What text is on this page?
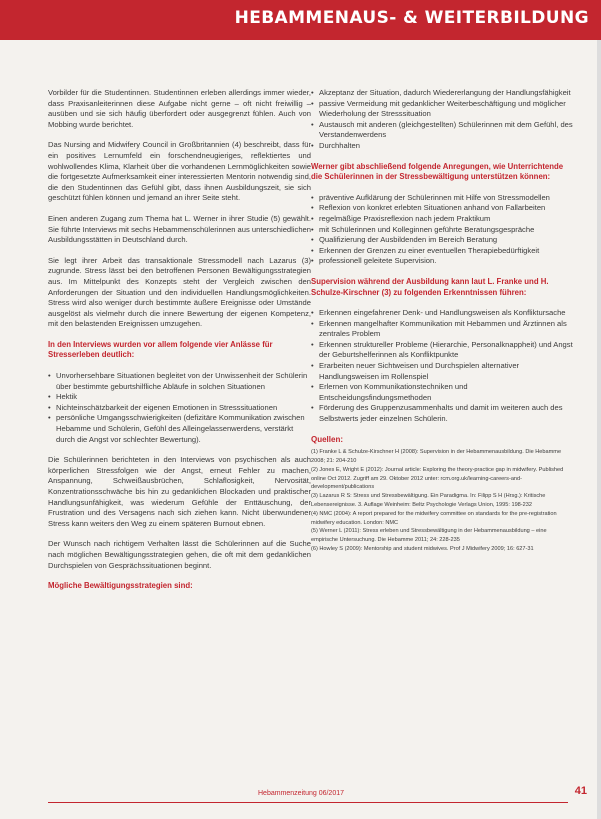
HEBAMMENAUS- & WEITERBILDUNG

Vorbilder für die Studentinnen. Studentinnen erleben allerdings immer wieder, dass Praxisanleiterinnen diese Aufgabe nicht gerne – oft nicht freiwillig – ausüben und sie sich häufig überfordert oder ausgegrenzt fühlen. Auch von Mobbing wurde berichtet.

Das Nursing and Midwifery Council in Großbritannien (4) beschreibt, dass für ein positives Lernumfeld ein forschendneugieriges, reflektiertes und wohlwollendes Klima, Klarheit über die vorhandenen Lernmöglichkeiten sowie die fortgesetzte Aufmerksamkeit einer interessierten Mentorin notwendig sind, die den Studentinnen das Gefühl gibt, dass ihnen Ausbildungszeit, sie sich geschützt fühlen können und jemand an ihrer Seite steht.

Einen anderen Zugang zum Thema hat L. Werner in ihrer Studie (5) gewählt. Sie führte Interviews mit sechs Hebammenschülerinnen aus unterschiedlichen Ausbildungsstätten in Deutschland durch.

Sie legt ihrer Arbeit das transaktionale Stressmodell nach Lazarus (3) zugrunde. Stress lässt bei den betroffenen Personen Bewältigungsstrategien aus. Im Mittelpunkt des Konzepts steht der Vergleich zwischen den Anforderungen der Situation und den individuellen Handlungsmöglichkeiten. Stress wird also weniger durch bestimmte äußere Ereignisse oder Umstände ausgelöst als vielmehr durch die innere Bewertung der eigenen Kompetenz, mit den belastenden Ereignissen umzugehen.

In den Interviews wurden vor allem folgende vier Anlässe für Stresserleben deutlich:
• Unvorhersehbare Situationen begleitet von der Unwissenheit der Schülerin über bestimmte geburtshilfliche Abläufe in solchen Situationen
• Hektik
• Nichteinschätzbarkeit der eigenen Emotionen in Stresssituationen
• persönliche Umgangsschwierigkeiten (defizitäre Kommunikation zwischen Hebamme und Schülerin, Gefühl des Alleingelassenwerdens, verstärkt durch die Angst vor schlechter Bewertung).

Die Schülerinnen berichteten in den Interviews von psychischen als auch körperlichen Stressfolgen wie der Angst, erneut Fehler zu machen, Anspannung, Schweißausbrüchen, Schlaflosigkeit, Nervosität, Konzentrationsschwäche bis hin zu gedanklichen Blockaden und praktischer Handlungsunfähigkeit, was wiederum Gefühle der Enttäuschung, der Frustration und des Versagens nach sich ziehen kann. Nicht überwundener Stress kann weiters den Weg zu einem späteren Burnout ebnen.

Der Wunsch nach richtigem Verhalten lässt die Schülerinnen auf die Suche nach möglichen Bewältigungsstrategien gehen, die oft mit dem gedanklichen Durchspielen von Gesprächssituationen beginnt.

Mögliche Bewältigungsstrategien sind:
• Akzeptanz der Situation, dadurch Wiedererlangung der Handlungsfähigkeit
• passive Vermeidung mit gedanklicher Weiterbeschäftigung und möglicher Wiederholung der Stresssituation
• Austausch mit anderen (gleichgestellten) Schülerinnen mit dem Gefühl, des Verstandenwerdens
• Durchhalten
Werner gibt abschließend folgende Anregungen, wie Unterrichtende die Schülerinnen in der Stressbewältigung unterstützen können:
• präventive Aufklärung der Schülerinnen mit Hilfe von Stressmodellen
• Reflexion von konkret erlebten Situationen anhand von Fallarbeiten
• regelmäßige Praxisreflexion nach jedem Praktikum
• mit Schülerinnen und Kolleginnen geführte Beratungsgespräche
• Qualifizierung der Ausbildenden im Bereich Beratung
• Erkennen der Grenzen zu einer eventuellen Therapiebedürftigkeit
• professionell geleitete Supervision.
Supervision während der Ausbildung kann laut L. Franke und H. Schulze-Kirschner (3) zu folgenden Erkenntnissen führen:
• Erkennen eingefahrener Denk- und Handlungsweisen als Konfliktursache
• Erkennen mangelhafter Kommunikation mit Hebammen und Ärztinnen als zentrales Problem
• Erkennen struktureller Probleme (Hierarchie, Personalknappheit) und Angst der Geburtshelferinnen als Konfliktpunkte
• Erarbeiten neuer Sichtweisen und Durchspielen alternativer Handlungsweisen im Rollenspiel
• Erlernen von Kommunikationstechniken und Entscheidungsfindungsmethoden
• Förderung des Gruppenzusammenhalts und damit im weiteren auch des Selbstwerts jeder einzelnen Schülerin.
Quellen:

(1) Franke L & Schulze-Kirschner H (2008): Supervision in der Hebammenausbildung. Die Hebamme 2008; 21: 204-210

(2) Jones E, Wright E (2012): Journal article: Exploring the theory-practice gap in midwifery. Published online Oct 2012. Zugriff am 29. Oktober 2012 unter: rcm.org.uk/learning-careers-and-development/publications

(3) Lazarus R S: Stress und Stressbewältigung. Ein Paradigma. In: Filipp S H (Hrsg.): Kritische Lebensereignisse. 3. Auflage Weinheim: Beltz Psychologie Verlags Union, 1995: 198-232

(4) NMC (2004): A report prepared for the midwifery committee on standards for the pre-registration midwifery education. London: NMC

(5) Werner L (2011): Stress erleben und Stressbewältigung in der Hebammenausbildung – eine empirische Untersuchung. Die Hebamme 2011; 24: 228-235

(6) Howley S (2009): Mentorship and student midwives. Prof J Midwifery 2009; 16: 627-31

Hebammenzeitung 06/2017	41
